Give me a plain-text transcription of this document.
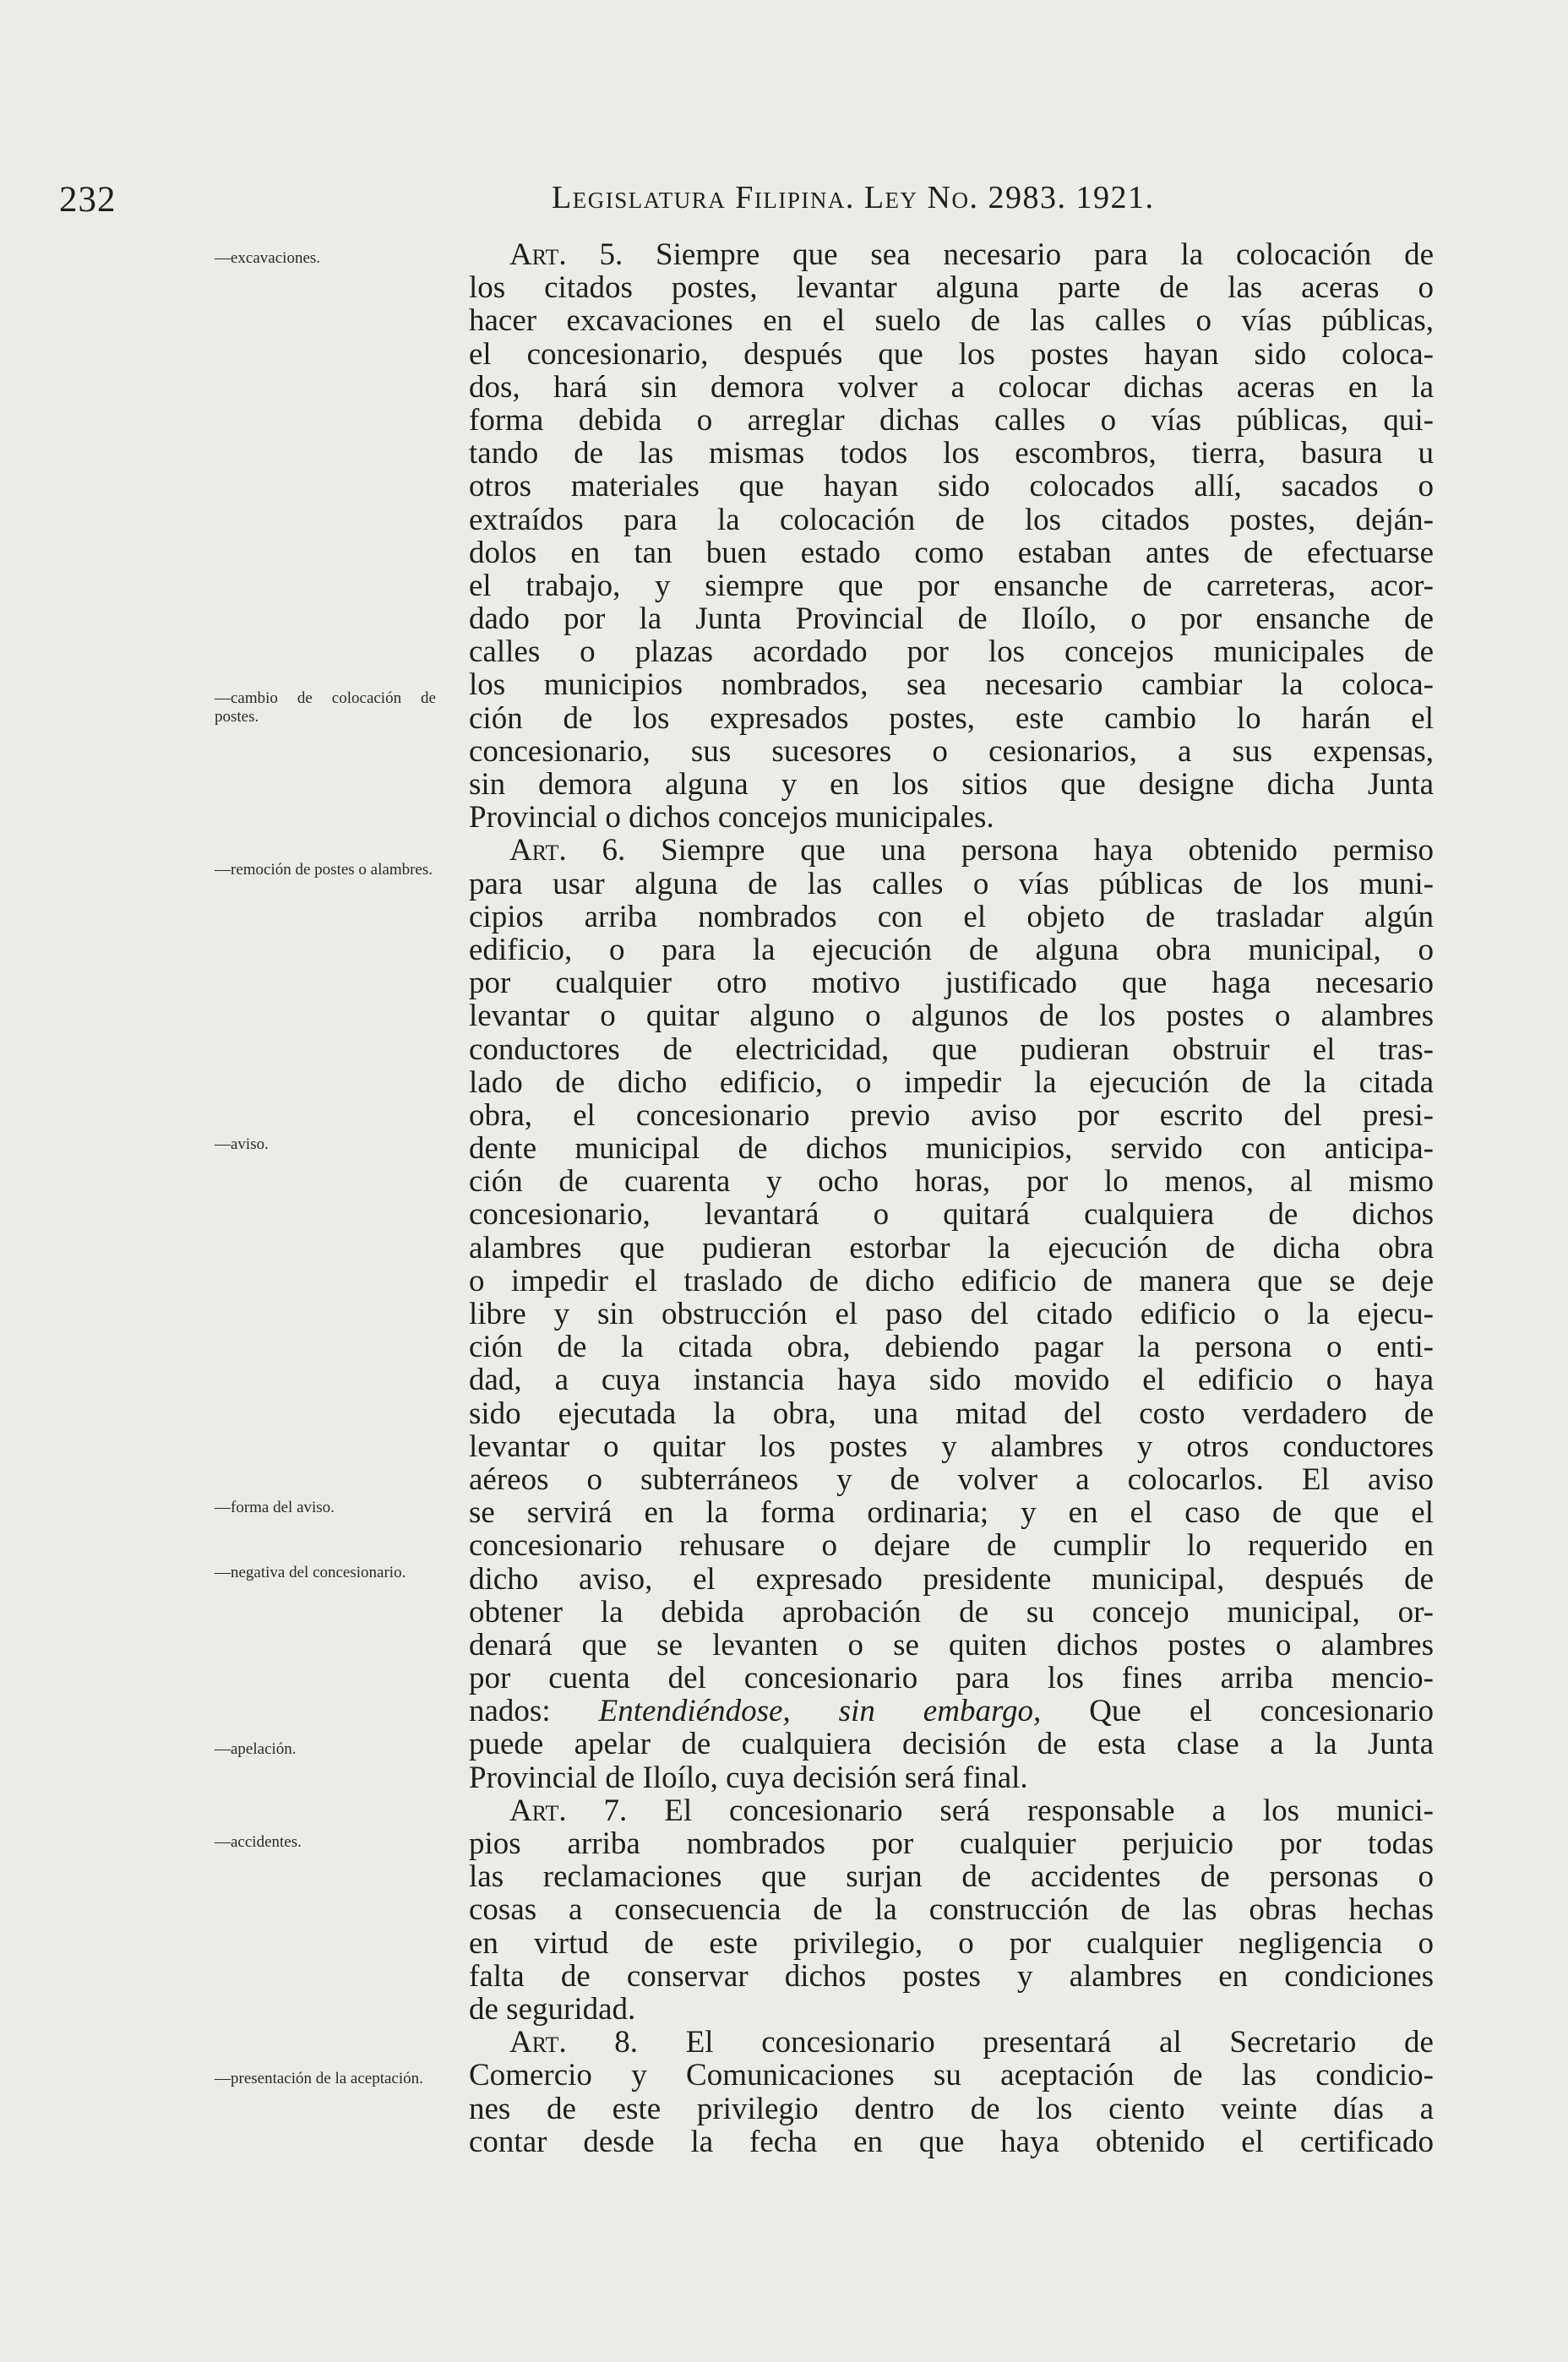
232	Legislatura Filipina. Ley No. 2983. 1921.
—excavaciones.
—cambio de colocación de postes.
—remoción de postes o alambres.
—aviso.
—forma del aviso.
—negativa del concesionario.
—apelación.
—accidentes.
—presentación de la aceptación.
Art. 5. Siempre que sea necesario para la colocación de
los citados postes, levantar alguna parte de las aceras o
hacer excavaciones en el suelo de las calles o vías públicas,
el concesionario, después que los postes hayan sido coloca-
dos, hará sin demora volver a colocar dichas aceras en la
forma debida o arreglar dichas calles o vías públicas, qui-
tando de las mismas todos los escombros, tierra, basura u
otros materiales que hayan sido colocados allí, sacados o
extraídos para la colocación de los citados postes, deján-
dolos en tan buen estado como estaban antes de efectuarse
el trabajo, y siempre que por ensanche de carreteras, acor-
dado por la Junta Provincial de Iloílo, o por ensanche de
calles o plazas acordado por los concejos municipales de
los municipios nombrados, sea necesario cambiar la coloca-
ción de los expresados postes, este cambio lo harán el
concesionario, sus sucesores o cesionarios, a sus expensas,
sin demora alguna y en los sitios que designe dicha Junta
Provincial o dichos concejos municipales.
Art. 6. Siempre que una persona haya obtenido permiso
para usar alguna de las calles o vías públicas de los muni-
cipios arriba nombrados con el objeto de trasladar algún
edificio, o para la ejecución de alguna obra municipal, o
por cualquier otro motivo justificado que haga necesario
levantar o quitar alguno o algunos de los postes o alambres
conductores de electricidad, que pudieran obstruir el tras-
lado de dicho edificio, o impedir la ejecución de la citada
obra, el concesionario previo aviso por escrito del presi-
dente municipal de dichos municipios, servido con anticipa-
ción de cuarenta y ocho horas, por lo menos, al mismo
concesionario, levantará o quitará cualquiera de dichos
alambres que pudieran estorbar la ejecución de dicha obra
o impedir el traslado de dicho edificio de manera que se deje
libre y sin obstrucción el paso del citado edificio o la ejecu-
ción de la citada obra, debiendo pagar la persona o enti-
dad, a cuya instancia haya sido movido el edificio o haya
sido ejecutada la obra, una mitad del costo verdadero de
levantar o quitar los postes y alambres y otros conductores
aéreos o subterráneos y de volver a colocarlos. El aviso
se servirá en la forma ordinaria; y en el caso de que el
concesionario rehusare o dejare de cumplir lo requerido en
dicho aviso, el expresado presidente municipal, después de
obtener la debida aprobación de su concejo municipal, or-
denará que se levanten o se quiten dichos postes o alambres
por cuenta del concesionario para los fines arriba mencio-
nados: Entendiéndose, sin embargo, Que el concesionario
puede apelar de cualquiera decisión de esta clase a la Junta
Provincial de Iloílo, cuya decisión será final.
Art. 7. El concesionario será responsable a los munici-
pios arriba nombrados por cualquier perjuicio por todas
las reclamaciones que surjan de accidentes de personas o
cosas a consecuencia de la construcción de las obras hechas
en virtud de este privilegio, o por cualquier negligencia o
falta de conservar dichos postes y alambres en condiciones
de seguridad.
Art. 8. El concesionario presentará al Secretario de
Comercio y Comunicaciones su aceptación de las condicio-
nes de este privilegio dentro de los ciento veinte días a
contar desde la fecha en que haya obtenido el certificado
